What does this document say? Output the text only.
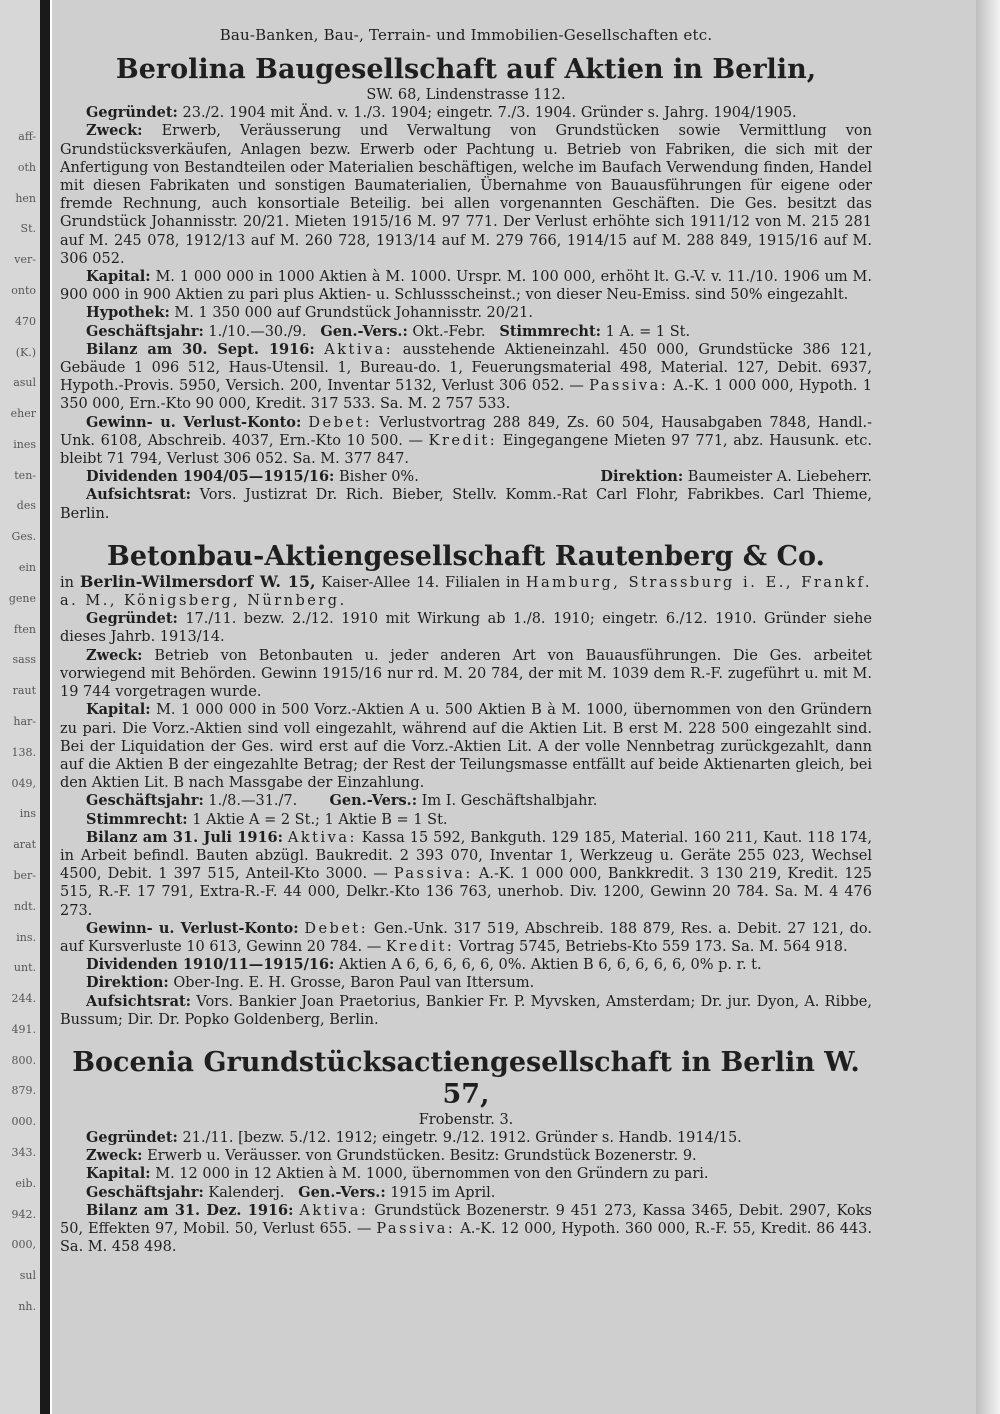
aff-
oth
hen
St.
ver-
onto
470
(K.)
asul
eher
ines
ten-
des
Ges.
ein
gene
ften
sass
raut
har-
138.
049,
ins
arat
ber-
ndt.
ins.
unt.
244.
491.
800.
879.
000.
343.
eib.
942.
000,
sul
nh.
Bau-Banken, Bau-, Terrain- und Immobilien-Gesellschaften etc.
Berolina Baugesellschaft auf Aktien in Berlin,
SW. 68, Lindenstrasse 112.

Gegründet: 23./2. 1904 mit Änd. v. 1./3. 1904; eingetr. 7./3. 1904. Gründer s. Jahrg. 1904/1905.

Zweck: Erwerb, Veräusserung und Verwaltung von Grundstücken sowie Vermittlung von Grundstücksverkäufen, Anlagen bezw. Erwerb oder Pachtung u. Betrieb von Fabriken, die sich mit der Anfertigung von Bestandteilen oder Materialien beschäftigen, welche im Baufach Verwendung finden, Handel mit diesen Fabrikaten und sonstigen Baumaterialien, Übernahme von Bauausführungen für eigene oder fremde Rechnung, auch konsortiale Beteilig. bei allen vorgenannten Geschäften. Die Ges. besitzt das Grundstück Johannisstr. 20/21. Mieten 1915/16 M. 97 771. Der Verlust erhöhte sich 1911/12 von M. 215 281 auf M. 245 078, 1912/13 auf M. 260 728, 1913/14 auf M. 279 766, 1914/15 auf M. 288 849, 1915/16 auf M. 306 052.

Kapital: M. 1 000 000 in 1000 Aktien à M. 1000. Urspr. M. 100 000, erhöht lt. G.-V. v. 11./10. 1906 um M. 900 000 in 900 Aktien zu pari plus Aktien- u. Schlussscheinst.; von dieser Neu-Emiss. sind 50% eingezahlt.

Hypothek: M. 1 350 000 auf Grundstück Johannisstr. 20/21.

Geschäftsjahr: 1./10.—30./9. Gen.-Vers.: Okt.-Febr. Stimmrecht: 1 A. = 1 St.

Bilanz am 30. Sept. 1916: Aktiva: ausstehende Aktieneinzahl. 450 000, Grundstücke 386 121, Gebäude 1 096 512, Haus-Utensil. 1, Bureau-do. 1, Feuerungsmaterial 498, Material. 127, Debit. 6937, Hypoth.-Provis. 5950, Versich. 200, Inventar 5132, Verlust 306 052. — Passiva: A.-K. 1 000 000, Hypoth. 1 350 000, Ern.-Kto 90 000, Kredit. 317 533. Sa. M. 2 757 533.

Gewinn- u. Verlust-Konto: Debet: Verlustvortrag 288 849, Zs. 60 504, Hausabgaben 7848, Handl.-Unk. 6108, Abschreib. 4037, Ern.-Kto 10 500. — Kredit: Eingegangene Mieten 97 771, abz. Hausunk. etc. bleibt 71 794, Verlust 306 052. Sa. M. 377 847.

Dividenden 1904/05—1915/16: Bisher 0%.	Direktion: Baumeister A. Liebeherr.

Aufsichtsrat: Vors. Justizrat Dr. Rich. Bieber, Stellv. Komm.-Rat Carl Flohr, Fabrikbes. Carl Thieme, Berlin.

Betonbau-Aktiengesellschaft Rautenberg & Co.

in Berlin-Wilmersdorf W. 15, Kaiser-Allee 14. Filialen in Hamburg, Strassburg i. E., Frankf. a. M., Königsberg, Nürnberg.

Gegründet: 17./11. bezw. 2./12. 1910 mit Wirkung ab 1./8. 1910; eingetr. 6./12. 1910. Gründer siehe dieses Jahrb. 1913/14.

Zweck: Betrieb von Betonbauten u. jeder anderen Art von Bauausführungen. Die Ges. arbeitet vorwiegend mit Behörden. Gewinn 1915/16 nur rd. M. 20 784, der mit M. 1039 dem R.-F. zugeführt u. mit M. 19 744 vorgetragen wurde.

Kapital: M. 1 000 000 in 500 Vorz.-Aktien A u. 500 Aktien B à M. 1000, übernommen von den Gründern zu pari. Die Vorz.-Aktien sind voll eingezahlt, während auf die Aktien Lit. B erst M. 228 500 eingezahlt sind. Bei der Liquidation der Ges. wird erst auf die Vorz.-Aktien Lit. A der volle Nennbetrag zurückgezahlt, dann auf die Aktien B der eingezahlte Betrag; der Rest der Teilungsmasse entfällt auf beide Aktienarten gleich, bei den Aktien Lit. B nach Massgabe der Einzahlung.

Geschäftsjahr: 1./8.—31./7. Gen.-Vers.: Im I. Geschäftshalbjahr.

Stimmrecht: 1 Aktie A = 2 St.; 1 Aktie B = 1 St.

Bilanz am 31. Juli 1916: Aktiva: Kassa 15 592, Bankguth. 129 185, Material. 160 211, Kaut. 118 174, in Arbeit befindl. Bauten abzügl. Baukredit. 2 393 070, Inventar 1, Werkzeug u. Geräte 255 023, Wechsel 4500, Debit. 1 397 515, Anteil-Kto 3000. — Passiva: A.-K. 1 000 000, Bankkredit. 3 130 219, Kredit. 125 515, R.-F. 17 791, Extra-R.-F. 44 000, Delkr.-Kto 136 763, unerhob. Div. 1200, Gewinn 20 784. Sa. M. 4 476 273.

Gewinn- u. Verlust-Konto: Debet: Gen.-Unk. 317 519, Abschreib. 188 879, Res. a. Debit. 27 121, do. auf Kursverluste 10 613, Gewinn 20 784. — Kredit: Vortrag 5745, Betriebs-Kto 559 173. Sa. M. 564 918.

Dividenden 1910/11—1915/16: Aktien A 6, 6, 6, 6, 6, 0%. Aktien B 6, 6, 6, 6, 6, 0% p. r. t.

Direktion: Ober-Ing. E. H. Grosse, Baron Paul van Ittersum.

Aufsichtsrat: Vors. Bankier Joan Praetorius, Bankier Fr. P. Myvsken, Amsterdam; Dr. jur. Dyon, A. Ribbe, Bussum; Dir. Dr. Popko Goldenberg, Berlin.

Bocenia Grundstücksactiengesellschaft in Berlin W. 57,
Frobenstr. 3.

Gegründet: 21./11. [bezw. 5./12. 1912; eingetr. 9./12. 1912. Gründer s. Handb. 1914/15.

Zweck: Erwerb u. Veräusser. von Grundstücken. Besitz: Grundstück Bozenerstr. 9.

Kapital: M. 12 000 in 12 Aktien à M. 1000, übernommen von den Gründern zu pari.

Geschäftsjahr: Kalenderj. Gen.-Vers.: 1915 im April.

Bilanz am 31. Dez. 1916: Aktiva: Grundstück Bozenerstr. 9 451 273, Kassa 3465, Debit. 2907, Koks 50, Effekten 97, Mobil. 50, Verlust 655. — Passiva: A.-K. 12 000, Hypoth. 360 000, R.-F. 55, Kredit. 86 443. Sa. M. 458 498.
